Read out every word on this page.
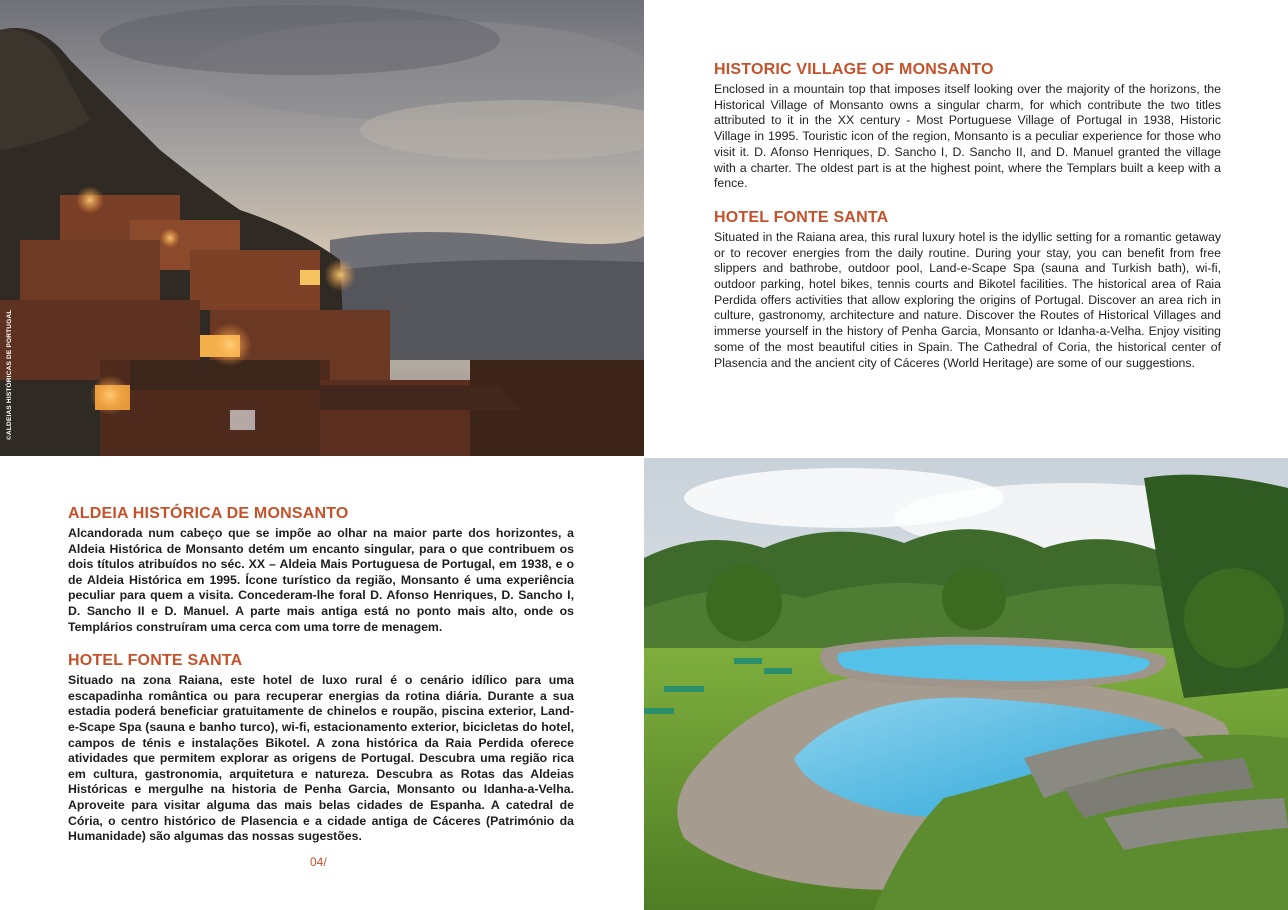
©ALDEIAS HISTÓRICAS DE PORTUGAL
HISTORIC VILLAGE OF MONSANTO

Enclosed in a mountain top that imposes itself looking over the majority of the horizons, the Historical Village of Monsanto owns a singular charm, for which contribute the two titles attributed to it in the XX century - Most Portuguese Village of Portugal in 1938, Historic Village in 1995. Touristic icon of the region, Monsanto is a peculiar experience for those who visit it. D. Afonso Henriques, D. Sancho I, D. Sancho II, and D. Manuel granted the village with a charter. The oldest part is at the highest point, where the Templars built a keep with a fence.

HOTEL FONTE SANTA

Situated in the Raiana area, this rural luxury hotel is the idyllic setting for a romantic getaway or to recover energies from the daily routine. During your stay, you can benefit from free slippers and bathrobe, outdoor pool, Land-e-Scape Spa (sauna and Turkish bath), wi-fi, outdoor parking, hotel bikes, tennis courts and Bikotel facilities. The historical area of Raia Perdida offers activities that allow exploring the origins of Portugal. Discover an area rich in culture, gastronomy, architecture and nature. Discover the Routes of Historical Villages and immerse yourself in the history of Penha Garcia, Monsanto or Idanha-a-Velha. Enjoy visiting some of the most beautiful cities in Spain. The Cathedral of Coria, the historical center of Plasencia and the ancient city of Cáceres (World Heritage) are some of our suggestions.

ALDEIA HISTÓRICA DE MONSANTO

Alcandorada num cabeço que se impõe ao olhar na maior parte dos horizontes, a Aldeia Histórica de Monsanto detém um encanto singular, para o que contribuem os dois títulos atribuídos no séc. XX – Aldeia Mais Portuguesa de Portugal, em 1938, e o de Aldeia Histórica em 1995. Ícone turístico da região, Monsanto é uma experiência peculiar para quem a visita. Concederam-lhe foral D. Afonso Henriques, D. Sancho I, D. Sancho II e D. Manuel. A parte mais antiga está no ponto mais alto, onde os Templários construíram uma cerca com uma torre de menagem.

HOTEL FONTE SANTA

Situado na zona Raiana, este hotel de luxo rural é o cenário idílico para uma escapadinha romântica ou para recuperar energias da rotina diária. Durante a sua estadia poderá beneficiar gratuitamente de chinelos e roupão, piscina exterior, Land-e-Scape Spa (sauna e banho turco), wi-fi, estacionamento exterior, bicicletas do hotel, campos de ténis e instalações Bikotel. A zona histórica da Raia Perdida oferece atividades que permitem explorar as origens de Portugal. Descubra uma região rica em cultura, gastronomia, arquitetura e natureza. Descubra as Rotas das Aldeias Históricas e mergulhe na historia de Penha Garcia, Monsanto ou Idanha-a-Velha. Aproveite para visitar alguma das mais belas cidades de Espanha. A catedral de Cória, o centro histórico de Plasencia e a cidade antiga de Cáceres (Património da Humanidade) são algumas das nossas sugestões.

04/
